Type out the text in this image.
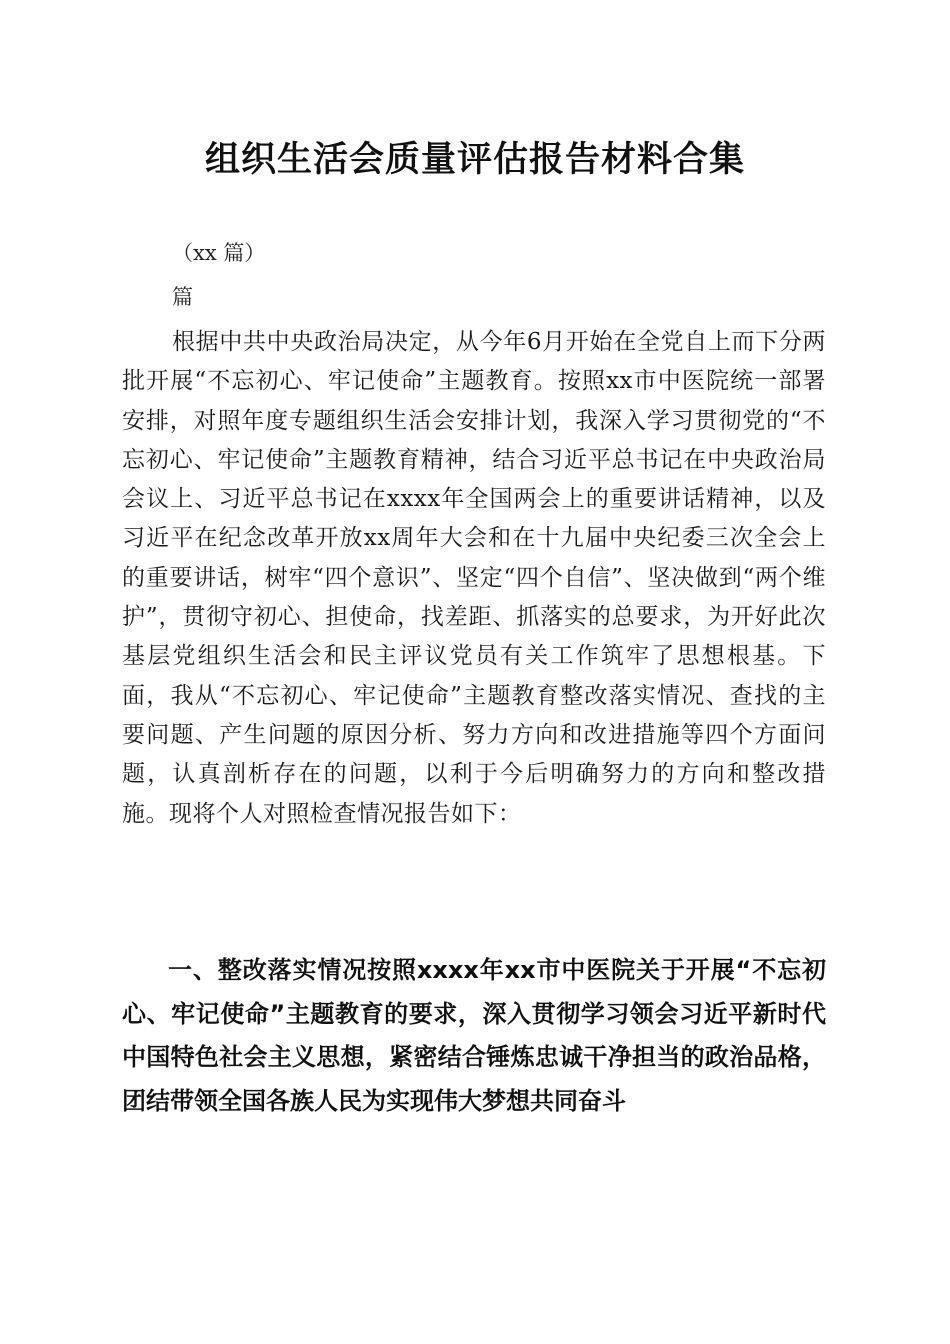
组织生活会质量评估报告材料合集
（xx 篇）
篇

根据中共中央政治局决定，从今年6月开始在全党自上而下分两批开展“不忘初心、牢记使命”主题教育。按照xx市中医院统一部署安排，对照年度专题组织生活会安排计划，我深入学习贯彻党的“不忘初心、牢记使命”主题教育精神，结合习近平总书记在中央政治局会议上、习近平总书记在xxxx年全国两会上的重要讲话精神，以及习近平在纪念改革开放xx周年大会和在十九届中央纪委三次全会上的重要讲话，树牢“四个意识”、坚定“四个自信”、坚决做到“两个维护”，贯彻守初心、担使命，找差距、抓落实的总要求，为开好此次基层党组织生活会和民主评议党员有关工作筑牢了思想根基。下面，我从“不忘初心、牢记使命”主题教育整改落实情况、查找的主要问题、产生问题的原因分析、努力方向和改进措施等四个方面问题，认真剖析存在的问题，以利于今后明确努力的方向和整改措施。现将个人对照检查情况报告如下：

一、整改落实情况按照xxxx年xx市中医院关于开展“不忘初心、牢记使命”主题教育的要求，深入贯彻学习领会习近平新时代中国特色社会主义思想，紧密结合锤炼忠诚干净担当的政治品格，团结带领全国各族人民为实现伟大梦想共同奋斗
